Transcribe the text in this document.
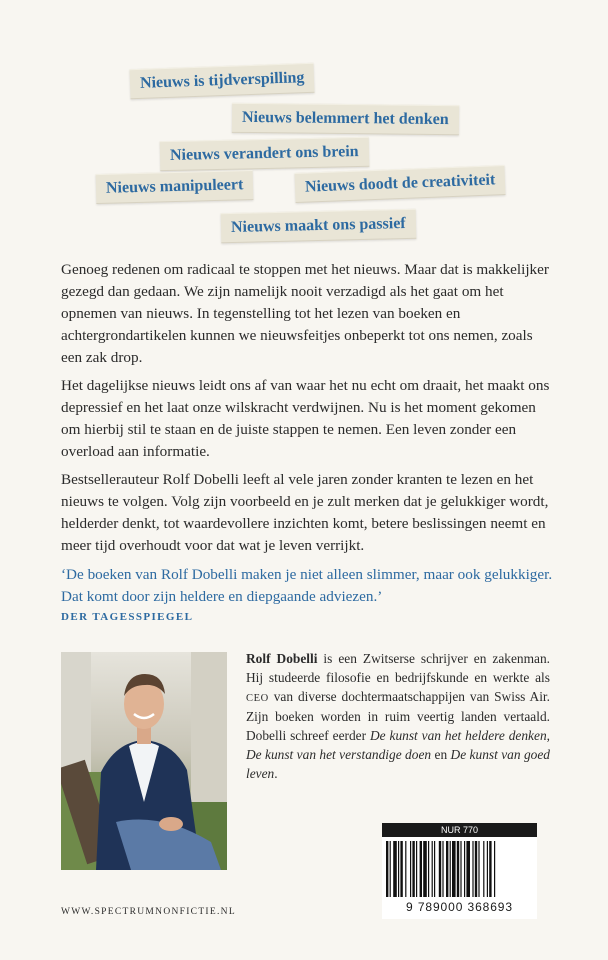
Nieuws is tijdverspilling
Nieuws belemmert het denken
Nieuws verandert ons brein
Nieuws manipuleert	Nieuws doodt de creativiteit
Nieuws maakt ons passief

Genoeg redenen om radicaal te stoppen met het nieuws. Maar dat is makkelijker gezegd dan gedaan. We zijn namelijk nooit verzadigd als het gaat om het opnemen van nieuws. In tegenstelling tot het lezen van boeken en achtergrondartikelen kunnen we nieuwsfeitjes onbeperkt tot ons nemen, zoals een zak drop.

Het dagelijkse nieuws leidt ons af van waar het nu echt om draait, het maakt ons depressief en het laat onze wilskracht verdwijnen. Nu is het moment gekomen om hierbij stil te staan en de juiste stappen te nemen. Een leven zonder een overload aan informatie.

Bestsellerauteur Rolf Dobelli leeft al vele jaren zonder kranten te lezen en het nieuws te volgen. Volg zijn voorbeeld en je zult merken dat je gelukkiger wordt, helderder denkt, tot waardevollere inzichten komt, betere beslissingen neemt en meer tijd overhoudt voor dat wat je leven verrijkt.

‘De boeken van Rolf Dobelli maken je niet alleen slimmer, maar ook gelukkiger. Dat komt door zijn heldere en diepgaande adviezen.’

DER TAGESSPIEGEL

Rolf Dobelli is een Zwitserse schrijver en zakenman. Hij studeerde filosofie en bedrijfskunde en werkte als CEO van diverse dochtermaatschappijen van Swiss Air. Zijn boeken worden in ruim veertig landen vertaald. Dobelli schreef eerder De kunst van het heldere denken, De kunst van het verstandige doen en De kunst van goed leven.

NUR 770
9 789000 368693
WWW.SPECTRUMNONFICTIE.NL
